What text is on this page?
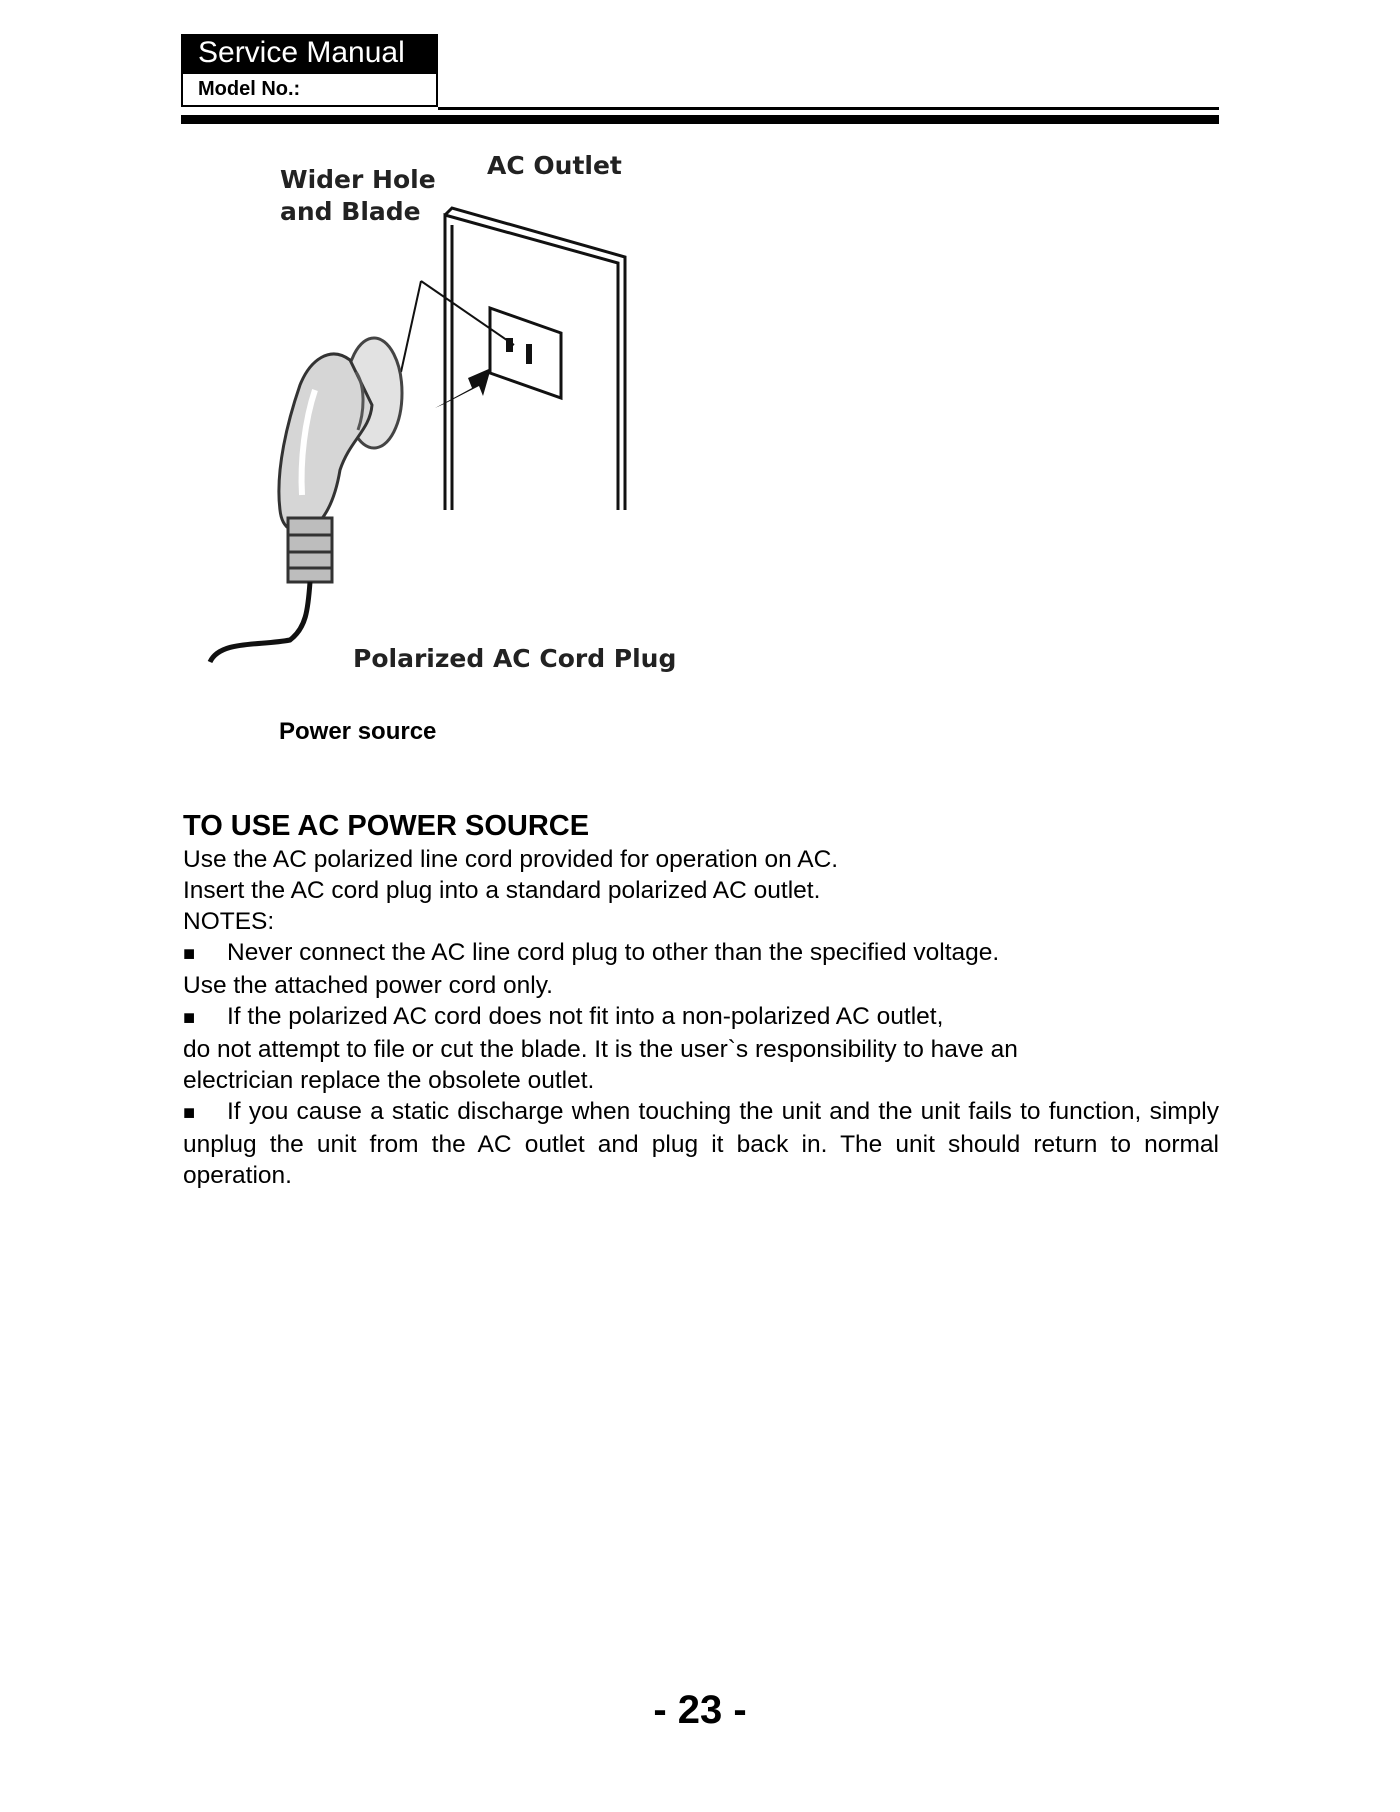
Service Manual
Model No.:
Wider Hole
and Blade
AC Outlet
Polarized AC Cord Plug
Power source
TO USE AC POWER SOURCE
Use the AC polarized line cord provided for operation on AC.
Insert the AC cord plug into a standard polarized AC outlet.
NOTES:
■ Never connect the AC line cord plug to other than the specified voltage.
Use the attached power cord only.
■ If the polarized AC cord does not fit into a non-polarized AC outlet,
do not attempt to file or cut the blade. It is the user`s responsibility to have an
electrician replace the obsolete outlet.
■ If you cause a static discharge when touching the unit and the unit fails to function, simply unplug the unit from the AC outlet and plug it back in. The unit should return to normal operation.
- 23 -
